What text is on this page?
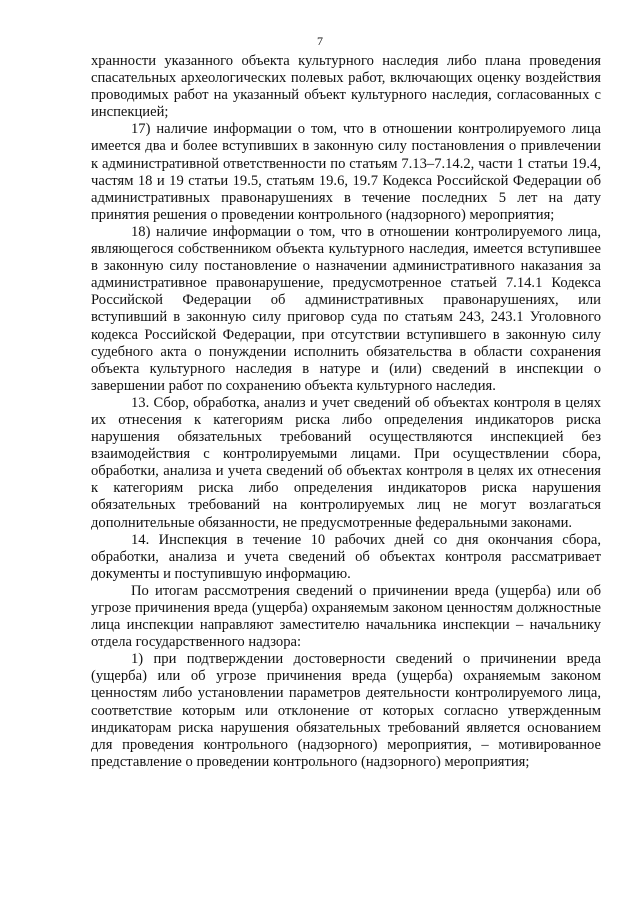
7

хранности указанного объекта культурного наследия либо плана проведения спасательных археологических полевых работ, включающих оценку воздействия проводимых работ на указанный объект культурного наследия, согласованных с инспекцией;

17) наличие информации о том, что в отношении контролируемого лица имеется два и более вступивших в законную силу постановления о привлечении к административной ответственности по статьям 7.13–7.14.2, части 1 статьи 19.4, частям 18 и 19 статьи 19.5, статьям 19.6, 19.7 Кодекса Российской Федерации об административных правонарушениях в течение последних 5 лет на дату принятия решения о проведении контрольного (надзорного) мероприятия;

18) наличие информации о том, что в отношении контролируемого лица, являющегося собственником объекта культурного наследия, имеется вступившее в законную силу постановление о назначении административного наказания за административное правонарушение, предусмотренное статьей 7.14.1 Кодекса Российской Федерации об административных правонарушениях, или вступивший в законную силу приговор суда по статьям 243, 243.1 Уголовного кодекса Российской Федерации, при отсутствии вступившего в законную силу судебного акта о понуждении исполнить обязательства в области сохранения объекта культурного наследия в натуре и (или) сведений в инспекции о завершении работ по сохранению объекта культурного наследия.

13. Сбор, обработка, анализ и учет сведений об объектах контроля в целях их отнесения к категориям риска либо определения индикаторов риска нарушения обязательных требований осуществляются инспекцией без взаимодействия с контролируемыми лицами. При осуществлении сбора, обработки, анализа и учета сведений об объектах контроля в целях их отнесения к категориям риска либо определения индикаторов риска нарушения обязательных требований на контролируемых лиц не могут возлагаться дополнительные обязанности, не предусмотренные федеральными законами.

14. Инспекция в течение 10 рабочих дней со дня окончания сбора, обработки, анализа и учета сведений об объектах контроля рассматривает документы и поступившую информацию.

По итогам рассмотрения сведений о причинении вреда (ущерба) или об угрозе причинения вреда (ущерба) охраняемым законом ценностям должностные лица инспекции направляют заместителю начальника инспекции – начальнику отдела государственного надзора:

1) при подтверждении достоверности сведений о причинении вреда (ущерба) или об угрозе причинения вреда (ущерба) охраняемым законом ценностям либо установлении параметров деятельности контролируемого лица, соответствие которым или отклонение от которых согласно утвержденным индикаторам риска нарушения обязательных требований является основанием для проведения контрольного (надзорного) мероприятия, – мотивированное представление о проведении контрольного (надзорного) мероприятия;
